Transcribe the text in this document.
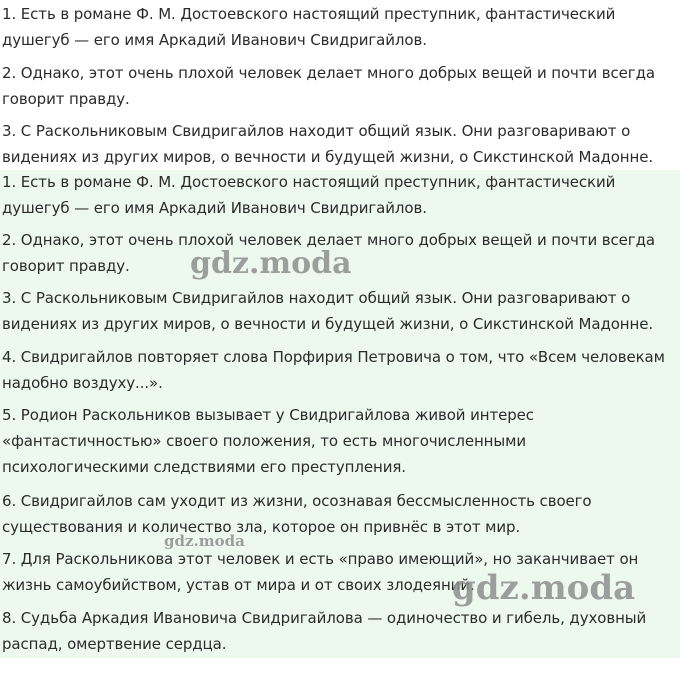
1. Есть в романе Ф. М. Достоевского настоящий преступник, фантастический душегуб — его имя Аркадий Иванович Свидригайлов.

2. Однако, этот очень плохой человек делает много добрых вещей и почти всегда говорит правду.

3. С Раскольниковым Свидригайлов находит общий язык. Они разговаривают о видениях из других миров, о вечности и будущей жизни, о Сикстинской Мадонне.

1. Есть в романе Ф. М. Достоевского настоящий преступник, фантастический душегуб — его имя Аркадий Иванович Свидригайлов.

2. Однако, этот очень плохой человек делает много добрых вещей и почти всегда говорит правду.

3. С Раскольниковым Свидригайлов находит общий язык. Они разговаривают о видениях из других миров, о вечности и будущей жизни, о Сикстинской Мадонне.

4. Свидригайлов повторяет слова Порфирия Петровича о том, что «Всем человекам надобно воздуху...».

5. Родион Раскольников вызывает у Свидригайлова живой интерес «фантастичностью» своего положения, то есть многочисленными психологическими следствиями его преступления.

6. Свидригайлов сам уходит из жизни, осознавая бессмысленность своего существования и количество зла, которое он привнёс в этот мир.

7. Для Раскольникова этот человек и есть «право имеющий», но заканчивает он жизнь самоубийством, устав от мира и от своих злодеяний.

8. Судьба Аркадия Ивановича Свидригайлова — одиночество и гибель, духовный распад, омертвение сердца.

gdz.moda
gdz.moda
gdz.moda
